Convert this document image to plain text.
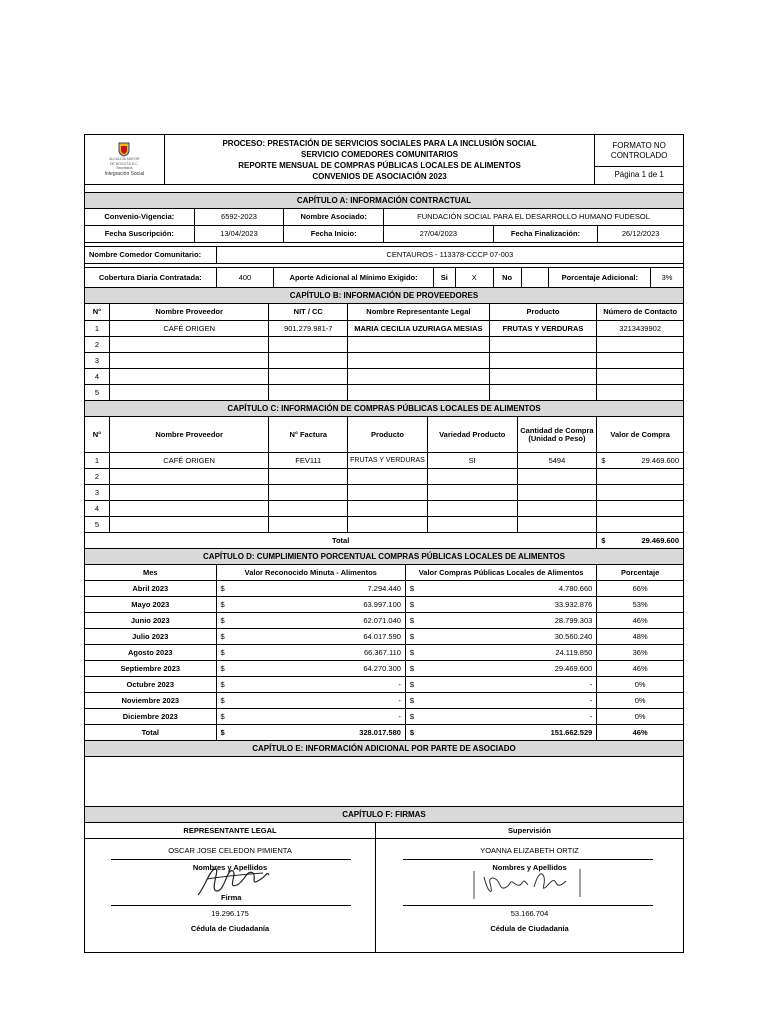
ALCALDÍA MAYOR
DE BOGOTÁ D.C.
Secretaría
Integración Social
PROCESO: PRESTACIÓN DE SERVICIOS SOCIALES PARA LA INCLUSIÓN SOCIAL
SERVICIO COMEDORES COMUNITARIOS
REPORTE MENSUAL DE COMPRAS PÚBLICAS LOCALES DE ALIMENTOS
CONVENIOS DE ASOCIACIÓN 2023
FORMATO NO CONTROLADO
Página 1 de 1
CAPÍTULO A: INFORMACIÓN CONTRACTUAL
Convenio-Vigencia:	6592-2023	Nombre Asociado:	FUNDACIÓN SOCIAL PARA EL DESARROLLO HUMANO FUDESOL
Fecha Suscripción:	13/04/2023	Fecha Inicio:	27/04/2023	Fecha Finalización:	26/12/2023
Nombre Comedor Comunitario:	CENTAUROS - 113378-CCCP 07-003
Cobertura Diaria Contratada:	400	Aporte Adicional al Mínimo Exigido:	Si	X	No	Porcentaje Adicional:	3%
CAPÍTULO B: INFORMACIÓN DE PROVEEDORES
N°	Nombre Proveedor	NIT / CC	Nombre Representante Legal	Producto	Número de Contacto
1	CAFÉ ORIGEN	901.279.981-7	MARIA CECILIA UZURIAGA MESIAS	FRUTAS Y VERDURAS	3213439902
2
3
4
5
CAPÍTULO C: INFORMACIÓN DE COMPRAS PÚBLICAS LOCALES DE ALIMENTOS
N°	Nombre Proveedor	N° Factura	Producto	Variedad Producto	Cantidad de Compra (Unidad o Peso)	Valor de Compra
1	CAFÉ ORIGEN	FEV111	FRUTAS Y VERDURAS	SI	5494	$	29.469.600
2
3
4
5
Total	$	29.469.600
CAPÍTULO D: CUMPLIMIENTO PORCENTUAL COMPRAS PÚBLICAS LOCALES DE ALIMENTOS
Mes	Valor Reconocido Minuta - Alimentos	Valor Compras Públicas Locales de Alimentos	Porcentaje
Abril 2023	$	7.294.440 $	4.780.660	66%
Mayo 2023	$	63.997.100 $	33.932.876	53%
Junio 2023	$	62.071.040 $	28.799.303	46%
Julio 2023	$	64.017.590 $	30.560.240	48%
Agosto 2023	$	66.367.110 $	24.119.850	36%
Septiembre 2023	$	64.270.300 $	29.469.600	46%
Octubre 2023	$	- $	-	0%
Noviembre 2023	$	- $	-	0%
Diciembre 2023	$	- $	-	0%
Total	$	328.017.580 $	151.662.529	46%
CAPÍTULO E: INFORMACIÓN ADICIONAL POR PARTE DE ASOCIADO
CAPÍTULO F: FIRMAS
REPRESENTANTE LEGAL	Supervisión
OSCAR JOSE CELEDON PIMIENTA
Nombres y Apellidos
Firma
19.296.175
Cédula de Ciudadanía
YOANNA ELIZABETH ORTIZ
Nombres y Apellidos
53.166.704
Cédula de Ciudadanía
